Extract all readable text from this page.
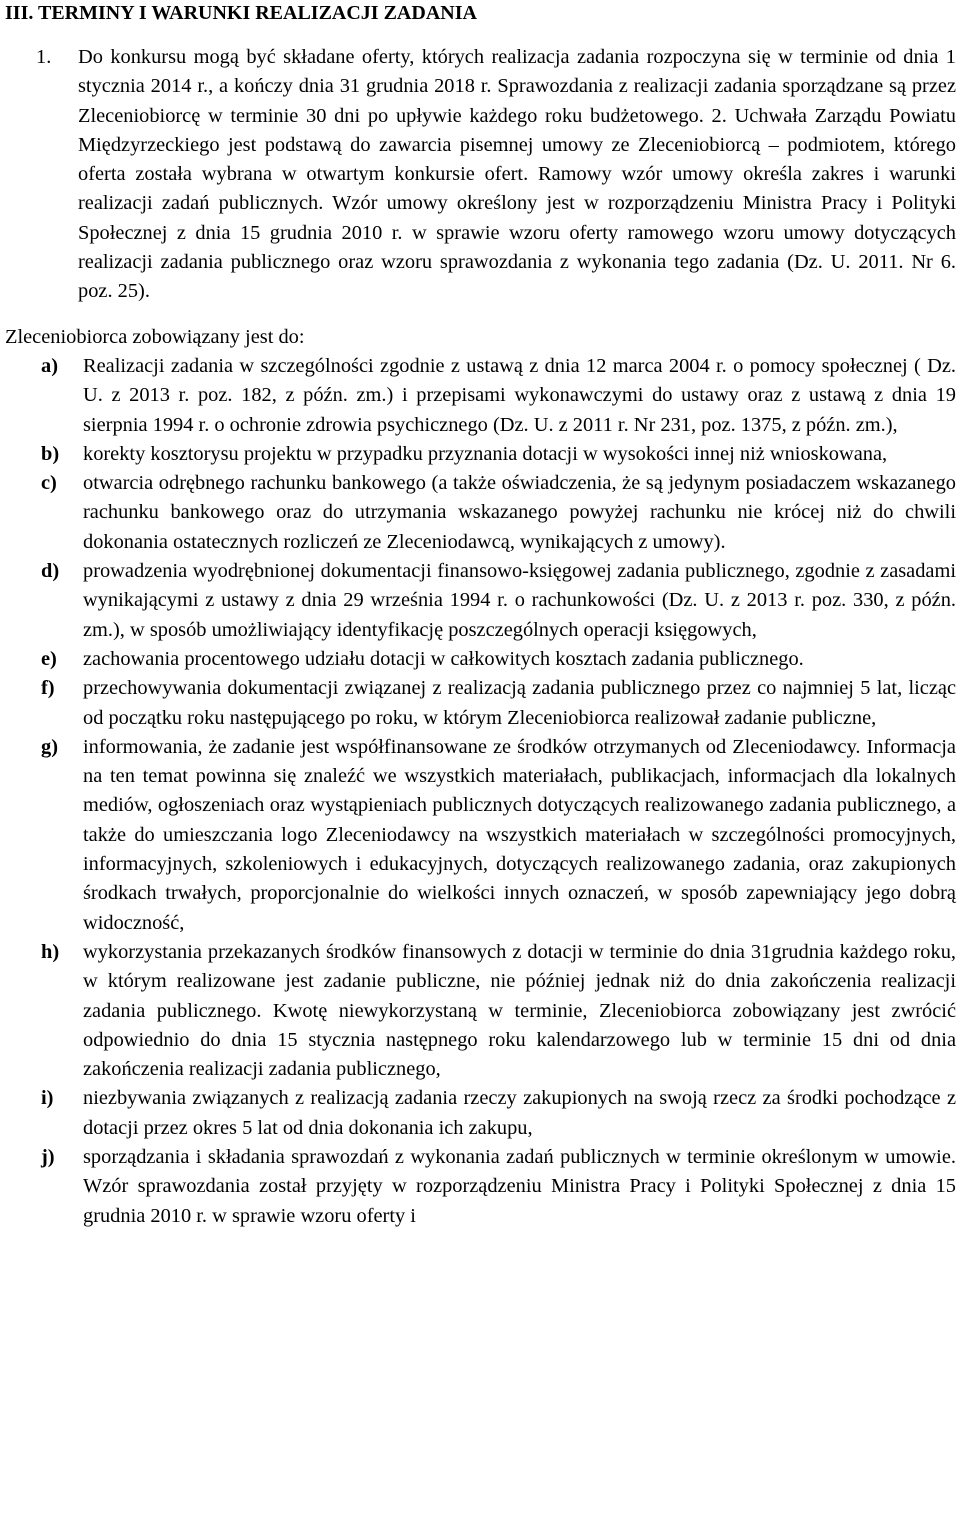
III. TERMINY I WARUNKI REALIZACJI ZADANIA
1.	Do konkursu mogą być składane oferty, których realizacja zadania rozpoczyna się w terminie od dnia 1 stycznia 2014 r., a kończy dnia 31 grudnia 2018 r. Sprawozdania z realizacji zadania sporządzane są przez Zleceniobiorcę w terminie 30 dni po upływie każdego roku budżetowego. 2. Uchwała Zarządu Powiatu Międzyrzeckiego jest podstawą do zawarcia pisemnej umowy ze Zleceniobiorcą – podmiotem, którego oferta została wybrana w otwartym konkursie ofert. Ramowy wzór umowy określa zakres i warunki realizacji zadań publicznych. Wzór umowy określony jest w rozporządzeniu Ministra Pracy i Polityki Społecznej z dnia 15 grudnia 2010 r. w sprawie wzoru oferty ramowego wzoru umowy dotyczących realizacji zadania publicznego oraz wzoru sprawozdania z wykonania tego zadania (Dz. U. 2011. Nr 6. poz. 25).
Zleceniobiorca zobowiązany jest do:
a)	Realizacji zadania w szczególności zgodnie z ustawą z dnia 12 marca 2004 r. o pomocy społecznej ( Dz. U. z 2013 r. poz. 182, z późn. zm.) i przepisami wykonawczymi do ustawy oraz z ustawą z dnia 19 sierpnia 1994 r. o ochronie zdrowia psychicznego (Dz. U. z 2011 r. Nr 231, poz. 1375, z późn. zm.),
b)	korekty kosztorysu projektu w przypadku przyznania dotacji w wysokości innej niż wnioskowana,
c)	otwarcia odrębnego rachunku bankowego (a także oświadczenia, że są jedynym posiadaczem wskazanego rachunku bankowego oraz do utrzymania wskazanego powyżej rachunku nie krócej niż do chwili dokonania ostatecznych rozliczeń ze Zleceniodawcą, wynikających z umowy).
d)	prowadzenia wyodrębnionej dokumentacji finansowo-księgowej zadania publicznego, zgodnie z zasadami wynikającymi z ustawy z dnia 29 września 1994 r. o rachunkowości (Dz. U. z 2013 r. poz. 330, z późn. zm.), w sposób umożliwiający identyfikację poszczególnych operacji księgowych,
e)	zachowania procentowego udziału dotacji w całkowitych kosztach zadania publicznego.
f)	przechowywania dokumentacji związanej z realizacją zadania publicznego przez co najmniej 5 lat, licząc od początku roku następującego po roku, w którym Zleceniobiorca realizował zadanie publiczne,
g)	informowania, że zadanie jest współfinansowane ze środków otrzymanych od Zleceniodawcy. Informacja na ten temat powinna się znaleźć we wszystkich materiałach, publikacjach, informacjach dla lokalnych mediów, ogłoszeniach oraz wystąpieniach publicznych dotyczących realizowanego zadania publicznego, a także do umieszczania logo Zleceniodawcy na wszystkich materiałach w szczególności promocyjnych, informacyjnych, szkoleniowych i edukacyjnych, dotyczących realizowanego zadania, oraz zakupionych środkach trwałych, proporcjonalnie do wielkości innych oznaczeń, w sposób zapewniający jego dobrą widoczność,
h)	wykorzystania przekazanych środków finansowych z dotacji w terminie do dnia 31grudnia każdego roku, w którym realizowane jest zadanie publiczne, nie później jednak niż do dnia zakończenia realizacji zadania publicznego. Kwotę niewykorzystaną w terminie, Zleceniobiorca zobowiązany jest zwrócić odpowiednio do dnia 15 stycznia następnego roku kalendarzowego lub w terminie 15 dni od dnia zakończenia realizacji zadania publicznego,
i)	niezbywania związanych z realizacją zadania rzeczy zakupionych na swoją rzecz za środki pochodzące z dotacji przez okres 5 lat od dnia dokonania ich zakupu,
j)	sporządzania i składania sprawozdań z wykonania zadań publicznych w terminie określonym w umowie. Wzór sprawozdania został przyjęty w rozporządzeniu Ministra Pracy i Polityki Społecznej z dnia 15 grudnia 2010 r. w sprawie wzoru oferty i
